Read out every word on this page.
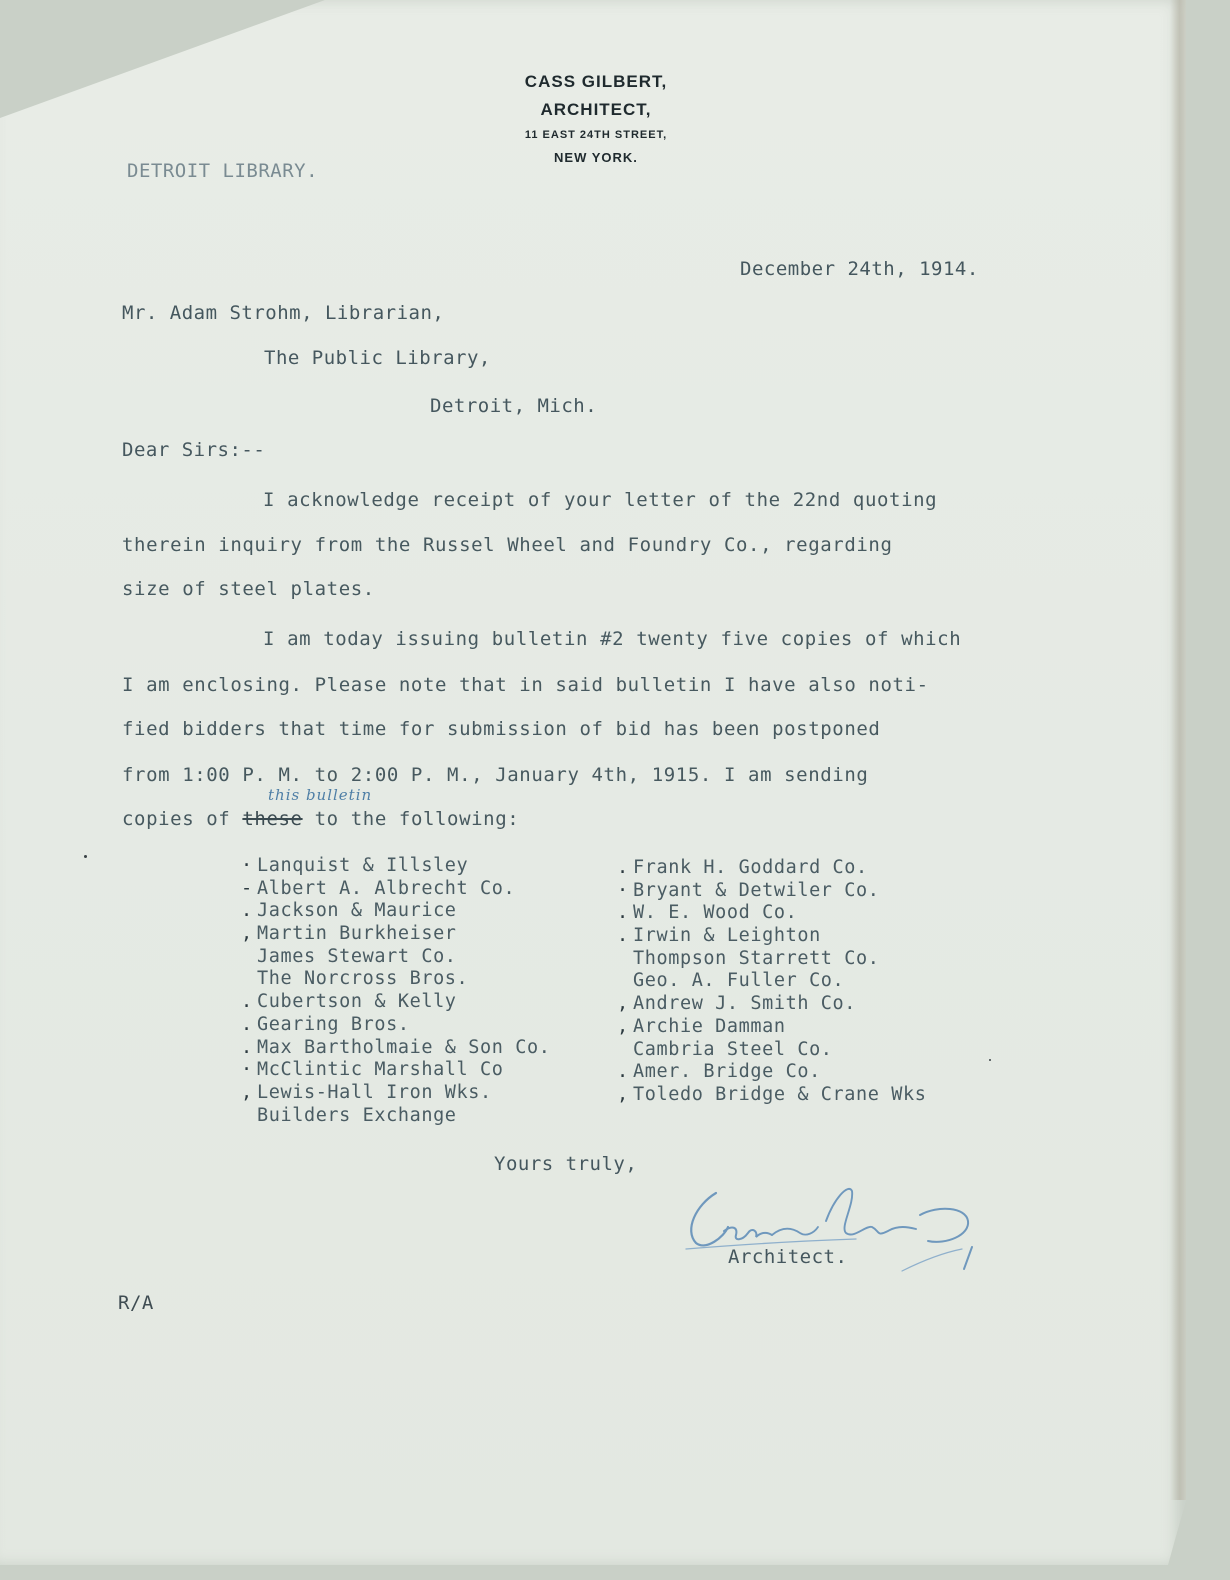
CASS GILBERT,
ARCHITECT,
11 EAST 24TH STREET,
NEW YORK.
DETROIT LIBRARY.
December 24th, 1914.
Mr. Adam Strohm, Librarian,
The Public Library,
Detroit, Mich.
Dear Sirs:--
I acknowledge receipt of your letter of the 22nd quoting
therein inquiry from the Russel Wheel and Foundry Co., regarding
size of steel plates.
I am today issuing bulletin #2 twenty five copies of which
I am enclosing. Please note that in said bulletin I have also noti-
fied bidders that time for submission of bid has been postponed
from 1:00 P. M. to 2:00 P. M., January 4th, 1915. I am sending
this bulletin
copies of these to the following:
· Lanquist & Illsley
- Albert A. Albrecht Co.
. Jackson & Maurice
, Martin Burkheiser
James Stewart Co.
The Norcross Bros.
. Cubertson & Kelly
. Gearing Bros.
. Max Bartholmaie & Son Co.
· McClintic Marshall Co
, Lewis-Hall Iron Wks.
Builders Exchange
. Frank H. Goddard Co.
· Bryant & Detwiler Co.
. W. E. Wood Co.
. Irwin & Leighton
Thompson Starrett Co.
Geo. A. Fuller Co.
, Andrew J. Smith Co.
, Archie Damman
Cambria Steel Co.
. Amer. Bridge Co.
, Toledo Bridge & Crane Wks
Yours truly,
Architect.
R/A
